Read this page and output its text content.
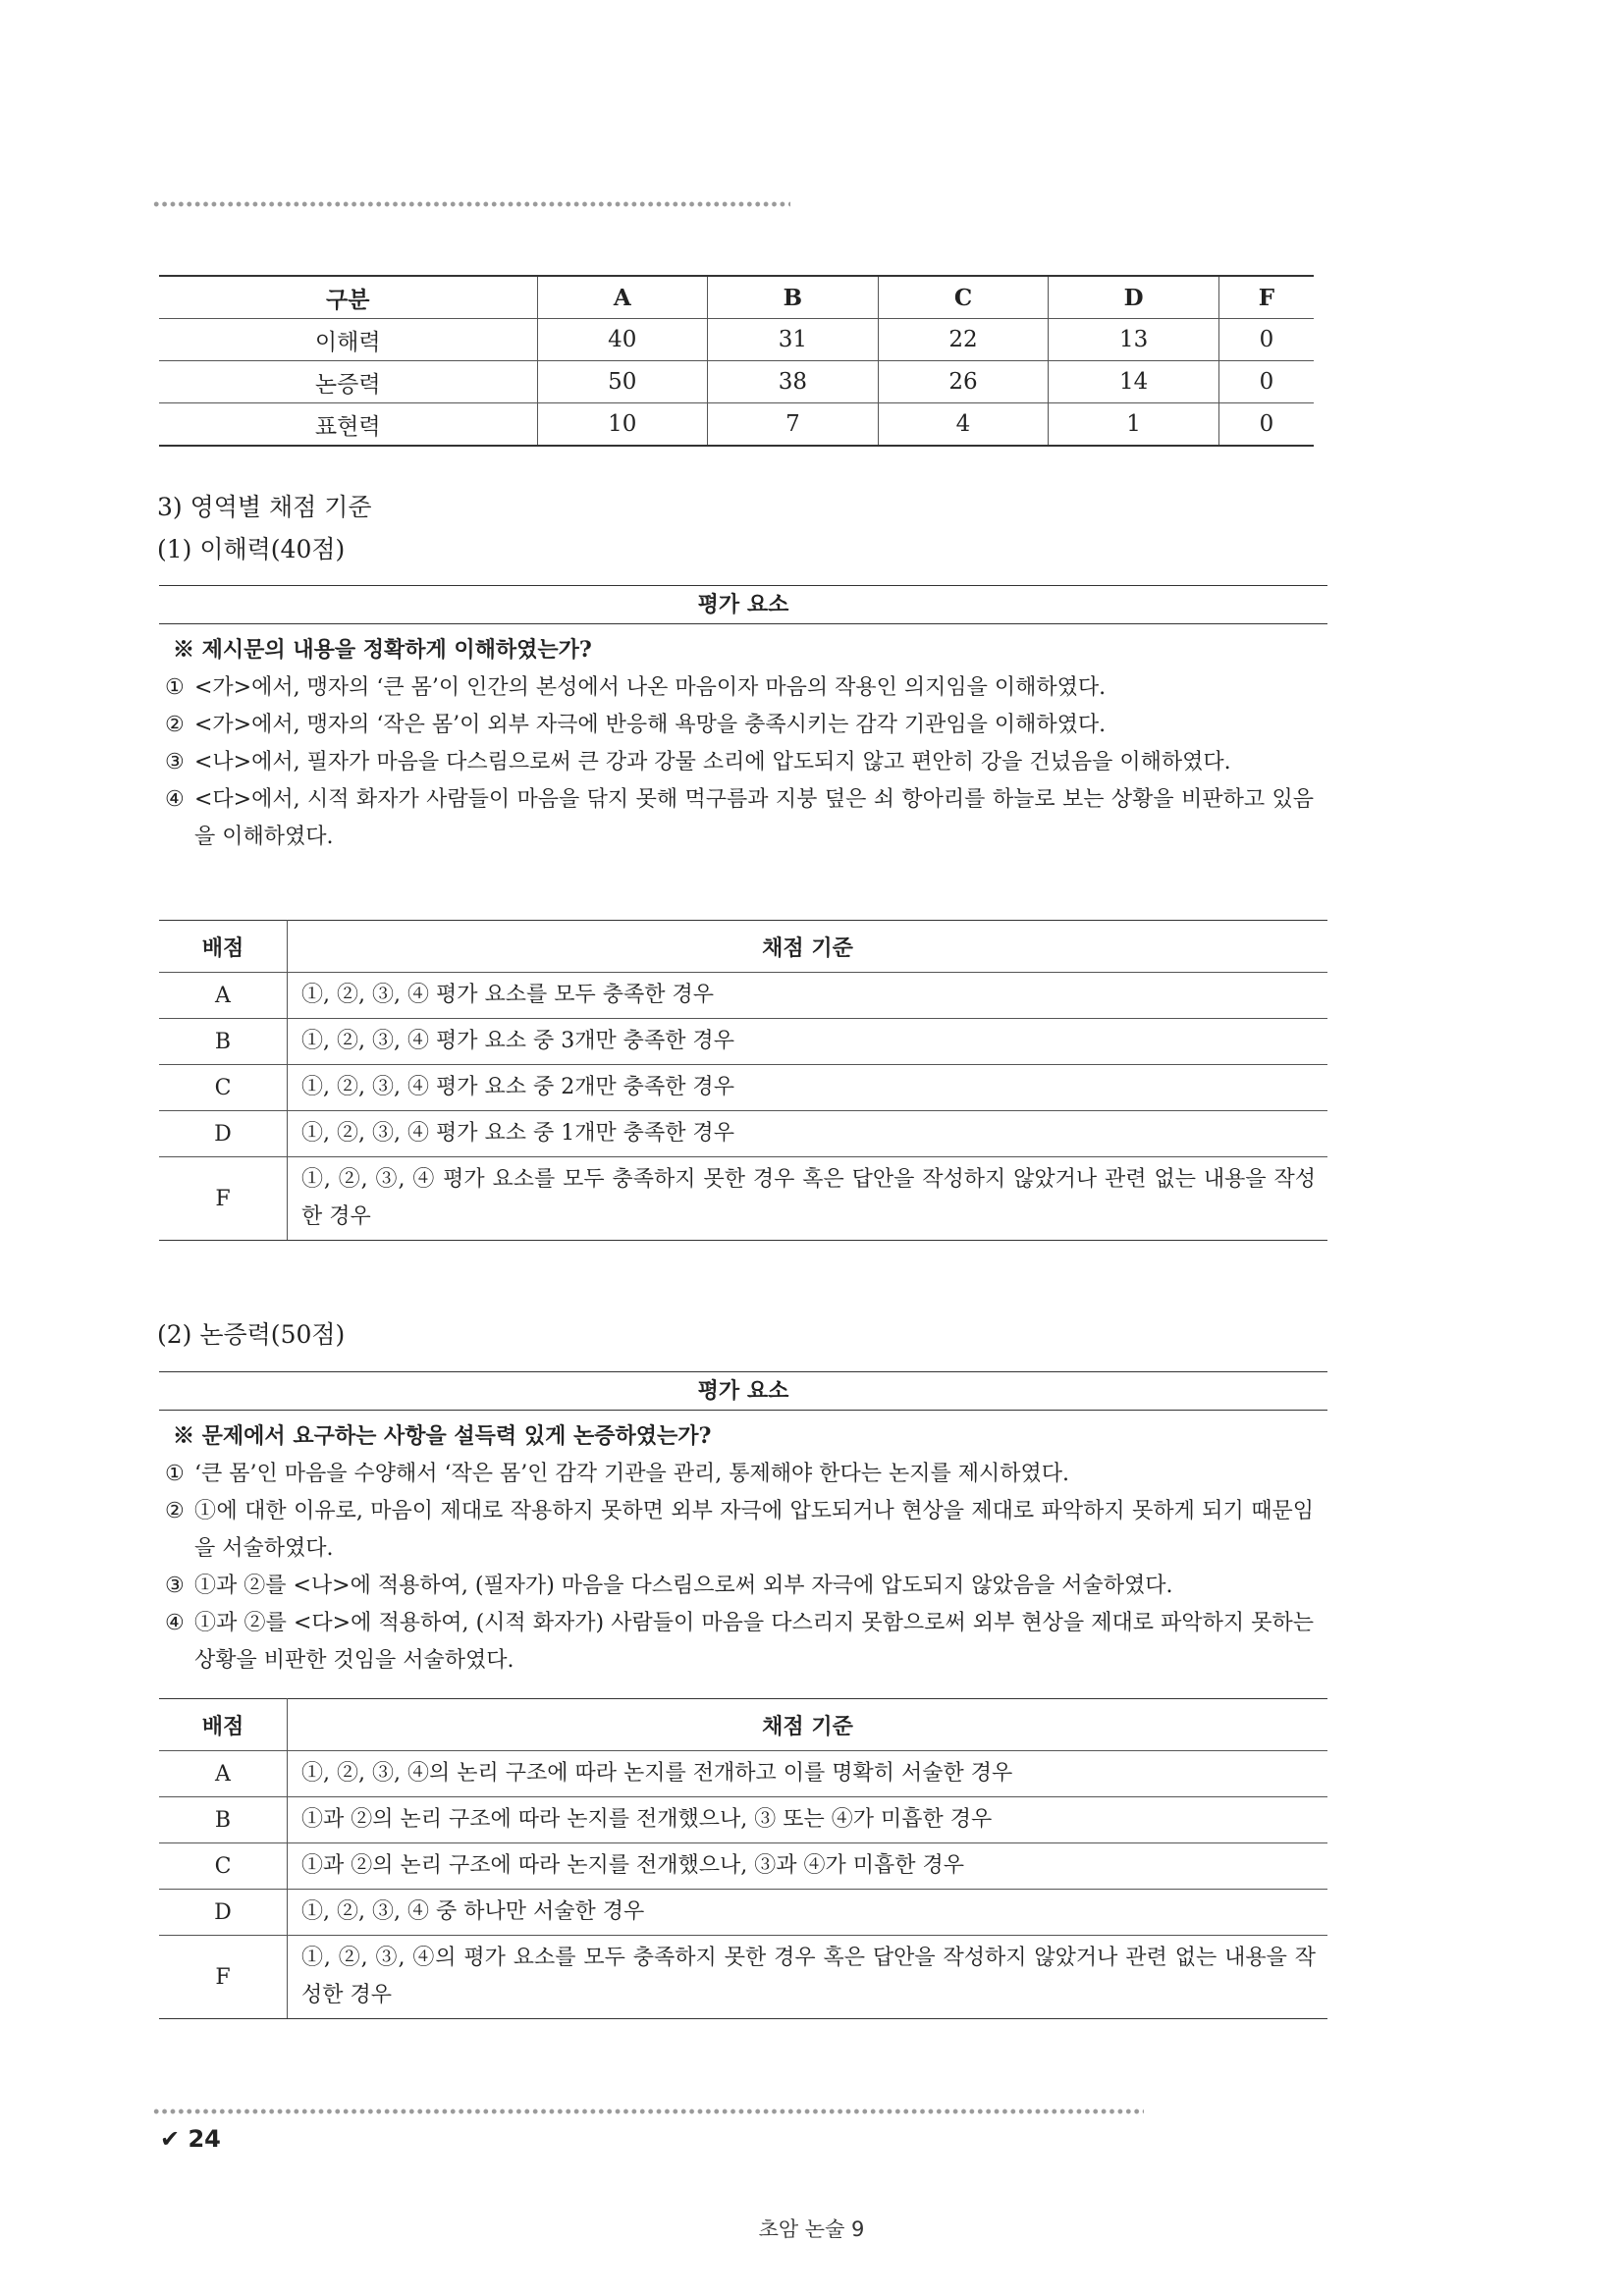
구분	A	B	C	D	F
이해력	40	31	22	13	0
논증력	50	38	26	14	0
표현력	10	7	4	1	0
3) 영역별 채점 기준
(1) 이해력(40점)
평가 요소
※ 제시문의 내용을 정확하게 이해하였는가?
① <가>에서, 맹자의 ‘큰 몸’이 인간의 본성에서 나온 마음이자 마음의 작용인 의지임을 이해하였다.
② <가>에서, 맹자의 ‘작은 몸’이 외부 자극에 반응해 욕망을 충족시키는 감각 기관임을 이해하였다.
③ <나>에서, 필자가 마음을 다스림으로써 큰 강과 강물 소리에 압도되지 않고 편안히 강을 건넜음을 이해하였다.
④ <다>에서, 시적 화자가 사람들이 마음을 닦지 못해 먹구름과 지붕 덮은 쇠 항아리를 하늘로 보는 상황을 비판하고 있음을 이해하였다.
배점	채점 기준
A	①, ②, ③, ④ 평가 요소를 모두 충족한 경우
B	①, ②, ③, ④ 평가 요소 중 3개만 충족한 경우
C	①, ②, ③, ④ 평가 요소 중 2개만 충족한 경우
D	①, ②, ③, ④ 평가 요소 중 1개만 충족한 경우
F	①, ②, ③, ④ 평가 요소를 모두 충족하지 못한 경우 혹은 답안을 작성하지 않았거나 관련 없는 내용을 작성한 경우
(2) 논증력(50점)
평가 요소
※ 문제에서 요구하는 사항을 설득력 있게 논증하였는가?
① ‘큰 몸’인 마음을 수양해서 ‘작은 몸’인 감각 기관을 관리, 통제해야 한다는 논지를 제시하였다.
② ①에 대한 이유로, 마음이 제대로 작용하지 못하면 외부 자극에 압도되거나 현상을 제대로 파악하지 못하게 되기 때문임을 서술하였다.
③ ①과 ②를 <나>에 적용하여, (필자가) 마음을 다스림으로써 외부 자극에 압도되지 않았음을 서술하였다.
④ ①과 ②를 <다>에 적용하여, (시적 화자가) 사람들이 마음을 다스리지 못함으로써 외부 현상을 제대로 파악하지 못하는 상황을 비판한 것임을 서술하였다.
배점	채점 기준
A	①, ②, ③, ④의 논리 구조에 따라 논지를 전개하고 이를 명확히 서술한 경우
B	①과 ②의 논리 구조에 따라 논지를 전개했으나, ③ 또는 ④가 미흡한 경우
C	①과 ②의 논리 구조에 따라 논지를 전개했으나, ③과 ④가 미흡한 경우
D	①, ②, ③, ④ 중 하나만 서술한 경우
F	①, ②, ③, ④의 평가 요소를 모두 충족하지 못한 경우 혹은 답안을 작성하지 않았거나 관련 없는 내용을 작성한 경우
✔ 24
초암 논술 9
